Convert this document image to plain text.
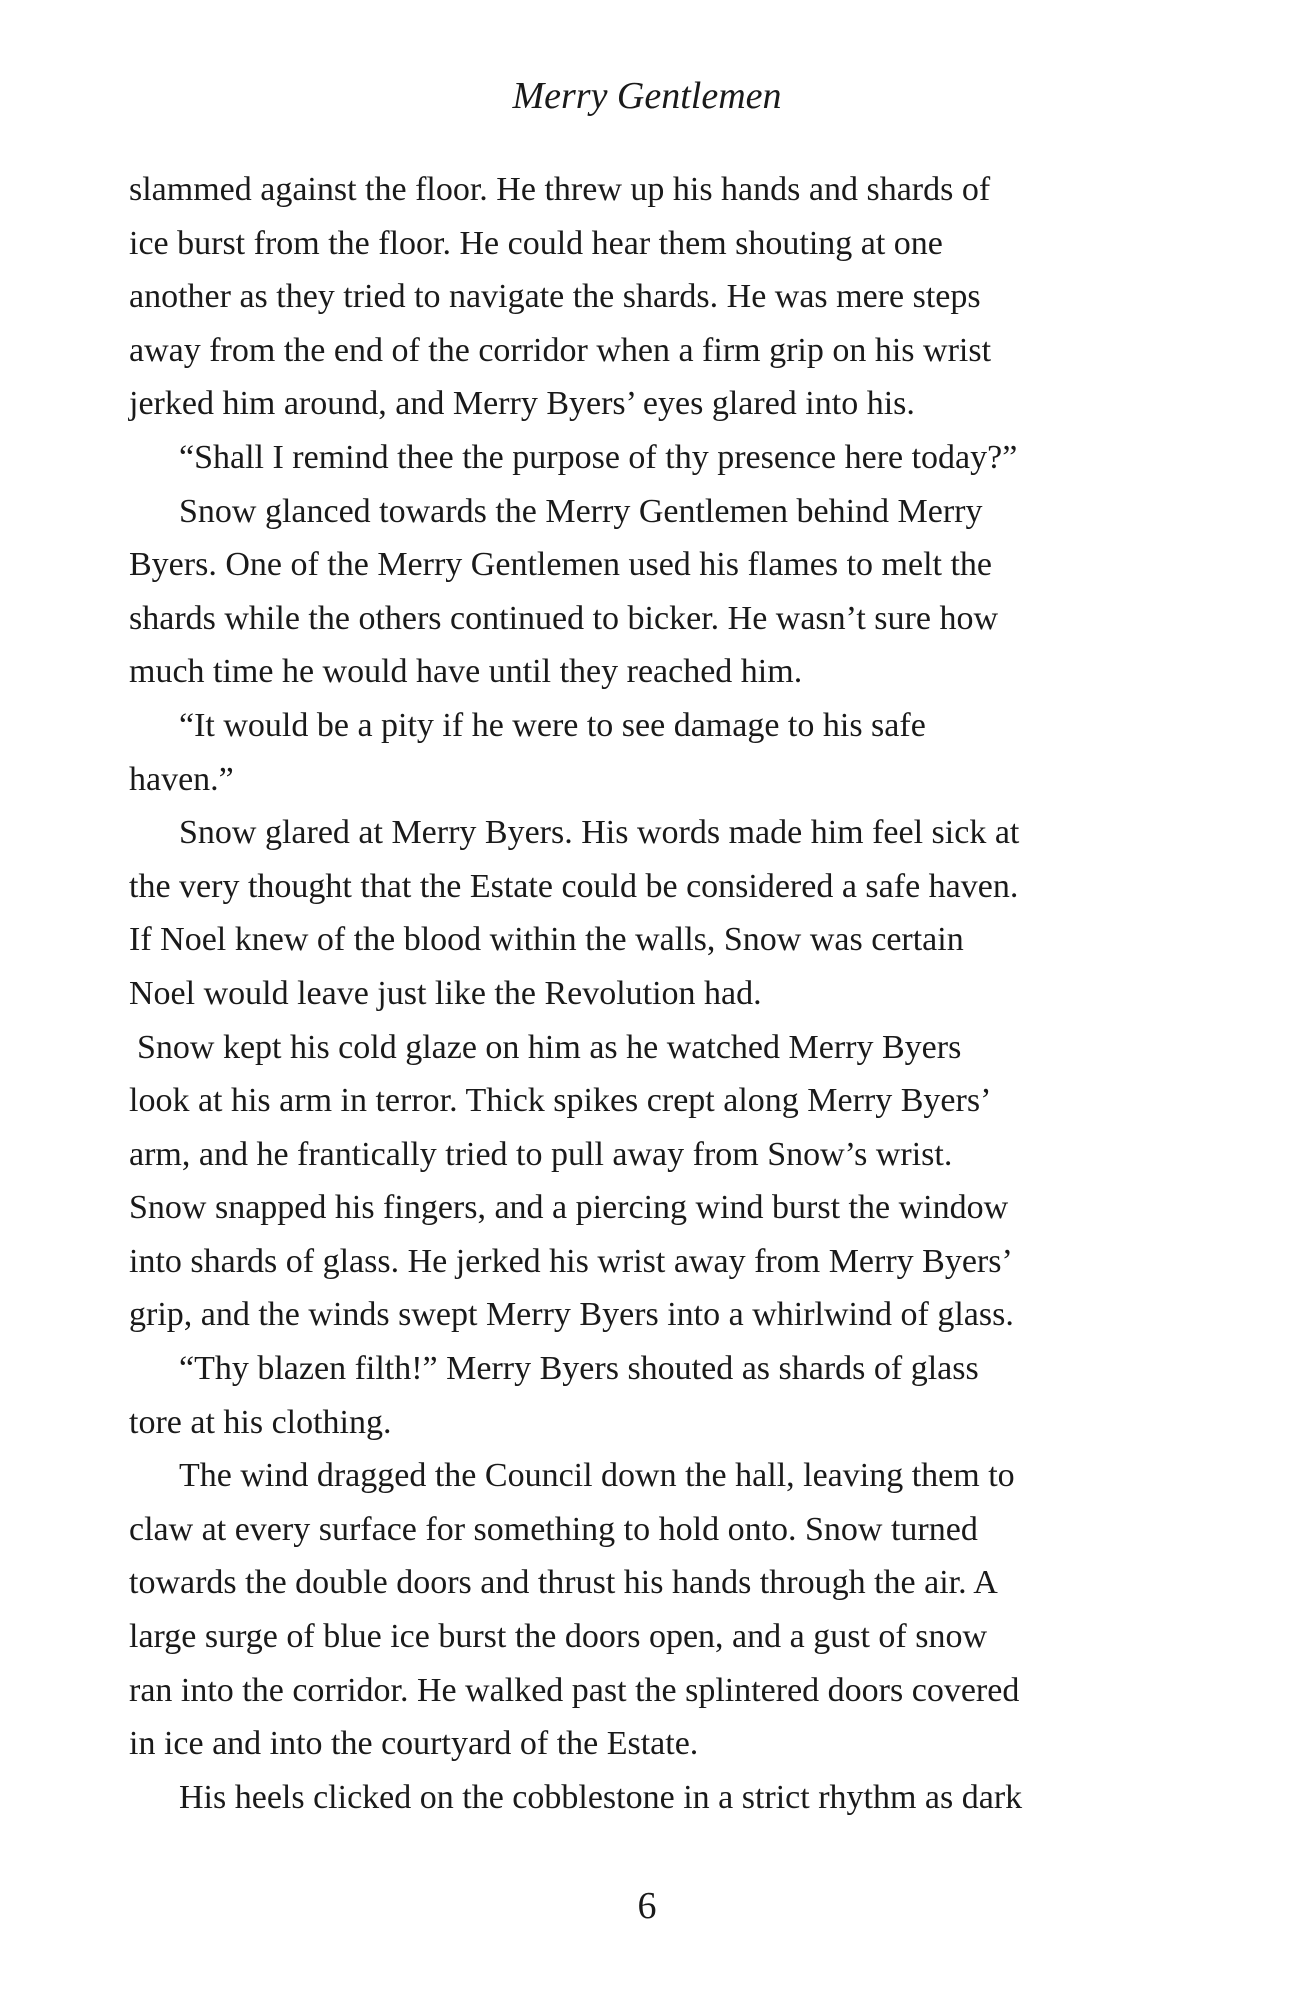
Merry Gentlemen
slammed against the floor. He threw up his hands and shards of
ice burst from the floor. He could hear them shouting at one
another as they tried to navigate the shards. He was mere steps
away from the end of the corridor when a firm grip on his wrist
jerked him around, and Merry Byers’ eyes glared into his.
“Shall I remind thee the purpose of thy presence here today?”
Snow glanced towards the Merry Gentlemen behind Merry
Byers. One of the Merry Gentlemen used his flames to melt the
shards while the others continued to bicker. He wasn’t sure how
much time he would have until they reached him.
“It would be a pity if he were to see damage to his safe
haven.”
Snow glared at Merry Byers. His words made him feel sick at
the very thought that the Estate could be considered a safe haven.
If Noel knew of the blood within the walls, Snow was certain
Noel would leave just like the Revolution had.
Snow kept his cold glaze on him as he watched Merry Byers
look at his arm in terror. Thick spikes crept along Merry Byers’
arm, and he frantically tried to pull away from Snow’s wrist.
Snow snapped his fingers, and a piercing wind burst the window
into shards of glass. He jerked his wrist away from Merry Byers’
grip, and the winds swept Merry Byers into a whirlwind of glass.
“Thy blazen filth!” Merry Byers shouted as shards of glass
tore at his clothing.
The wind dragged the Council down the hall, leaving them to
claw at every surface for something to hold onto. Snow turned
towards the double doors and thrust his hands through the air. A
large surge of blue ice burst the doors open, and a gust of snow
ran into the corridor. He walked past the splintered doors covered
in ice and into the courtyard of the Estate.
His heels clicked on the cobblestone in a strict rhythm as dark
6
